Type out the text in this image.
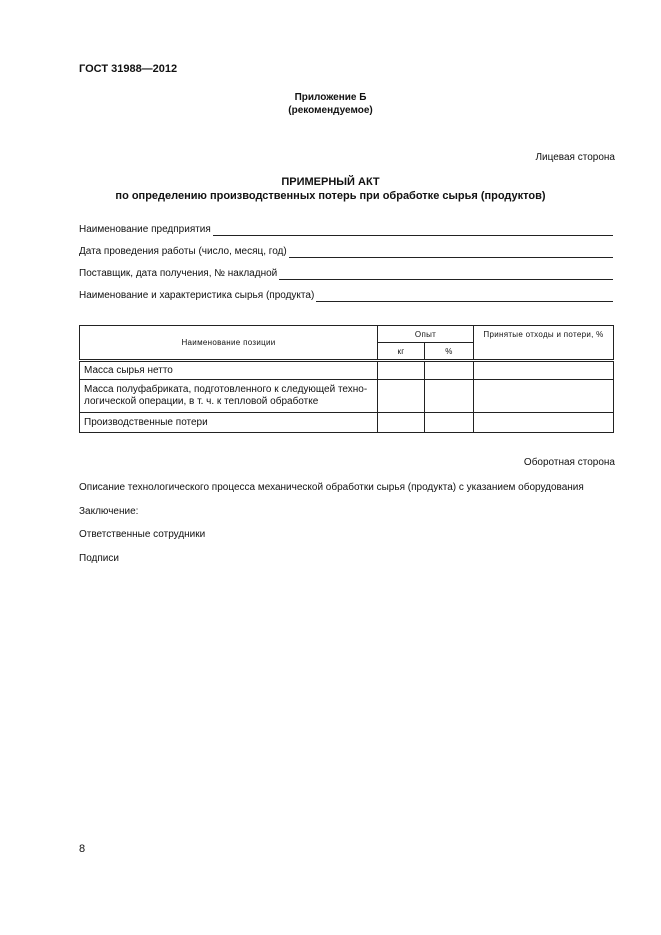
ГОСТ 31988—2012
Приложение Б
(рекомендуемое)
Лицевая сторона
ПРИМЕРНЫЙ АКТ
по определению производственных потерь при обработке сырья (продуктов)
Наименование предприятия
Дата проведения работы (число, месяц, год)
Поставщик, дата получения, № накладной
Наименование и характеристика сырья (продукта)
Наименование позиции	Опыт		Принятые отходы и потери, %
	кг	%	
Масса сырья нетто			
Масса полуфабриката, подготовленного к следующей техно-логической операции, в т. ч. к тепловой обработке			
Производственные потери			
Оборотная сторона
Описание технологического процесса механической обработки сырья (продукта) с указанием оборудования
Заключение:
Ответственные сотрудники
Подписи
8
